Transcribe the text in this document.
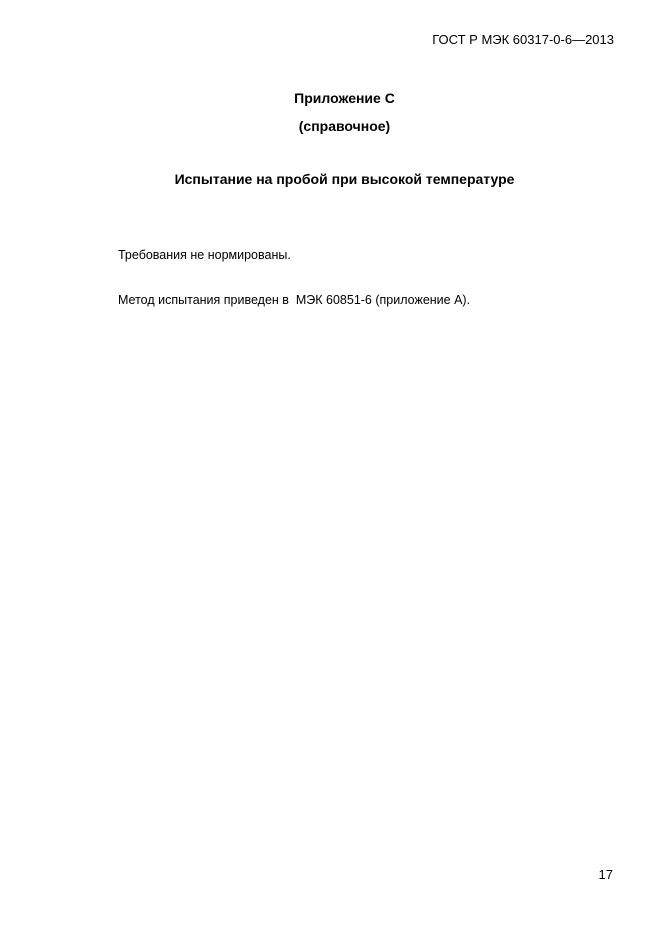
ГОСТ Р МЭК 60317-0-6—2013
Приложение С
(справочное)
Испытание на пробой при высокой температуре
Требования не нормированы.
Метод испытания приведен в  МЭК 60851-6 (приложение А).
17
